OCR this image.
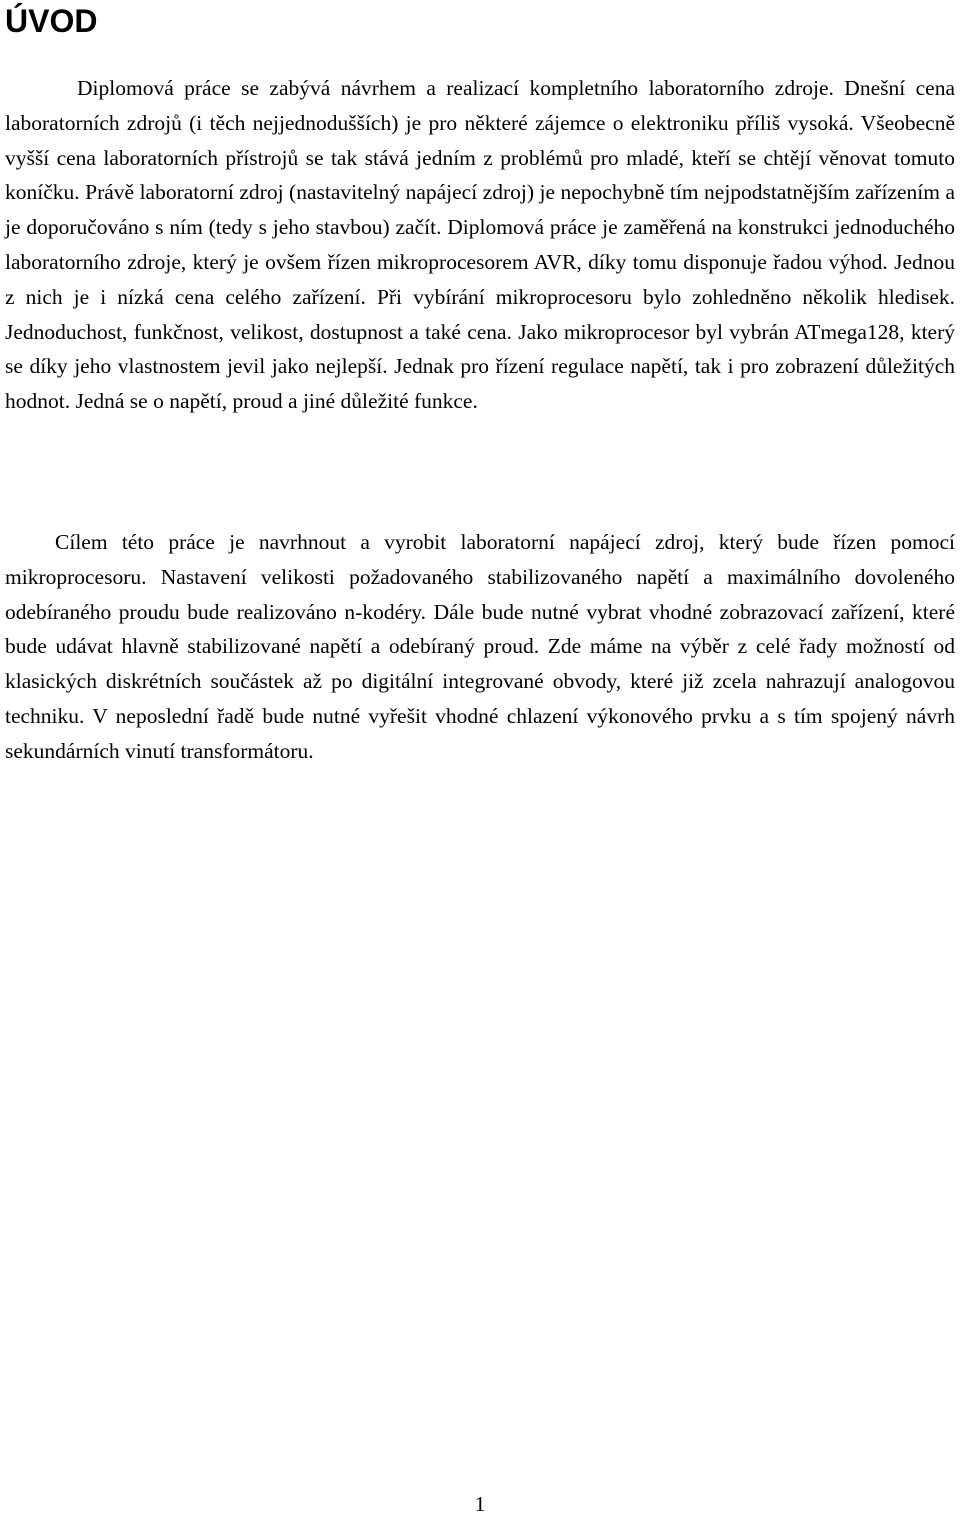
ÚVOD

Diplomová práce se zabývá návrhem a realizací kompletního laboratorního zdroje. Dnešní cena laboratorních zdrojů (i těch nejjednodušších) je pro některé zájemce o elektroniku příliš vysoká. Všeobecně vyšší cena laboratorních přístrojů se tak stává jedním z problémů pro mladé, kteří se chtějí věnovat tomuto koníčku. Právě laboratorní zdroj (nastavitelný napájecí zdroj) je nepochybně tím nejpodstatnějším zařízením a je doporučováno s ním (tedy s jeho stavbou) začít. Diplomová práce je zaměřená na konstrukci jednoduchého laboratorního zdroje, který je ovšem řízen mikroprocesorem AVR, díky tomu disponuje řadou výhod. Jednou z nich je i nízká cena celého zařízení. Při vybírání mikroprocesoru bylo zohledněno několik hledisek. Jednoduchost, funkčnost, velikost, dostupnost a také cena. Jako mikroprocesor byl vybrán ATmega128, který se díky jeho vlastnostem jevil jako nejlepší. Jednak pro řízení regulace napětí, tak i pro zobrazení důležitých hodnot. Jedná se o napětí, proud a jiné důležité funkce.

Cílem této práce je navrhnout a vyrobit laboratorní napájecí zdroj, který bude řízen pomocí mikroprocesoru. Nastavení velikosti požadovaného stabilizovaného napětí a maximálního dovoleného odebíraného proudu bude realizováno n-kodéry. Dále bude nutné vybrat vhodné zobrazovací zařízení, které bude udávat hlavně stabilizované napětí a odebíraný proud. Zde máme na výběr z celé řady možností od klasických diskrétních součástek až po digitální integrované obvody, které již zcela nahrazují analogovou techniku. V neposlední řadě bude nutné vyřešit vhodné chlazení výkonového prvku a s tím spojený návrh sekundárních vinutí transformátoru.

1
